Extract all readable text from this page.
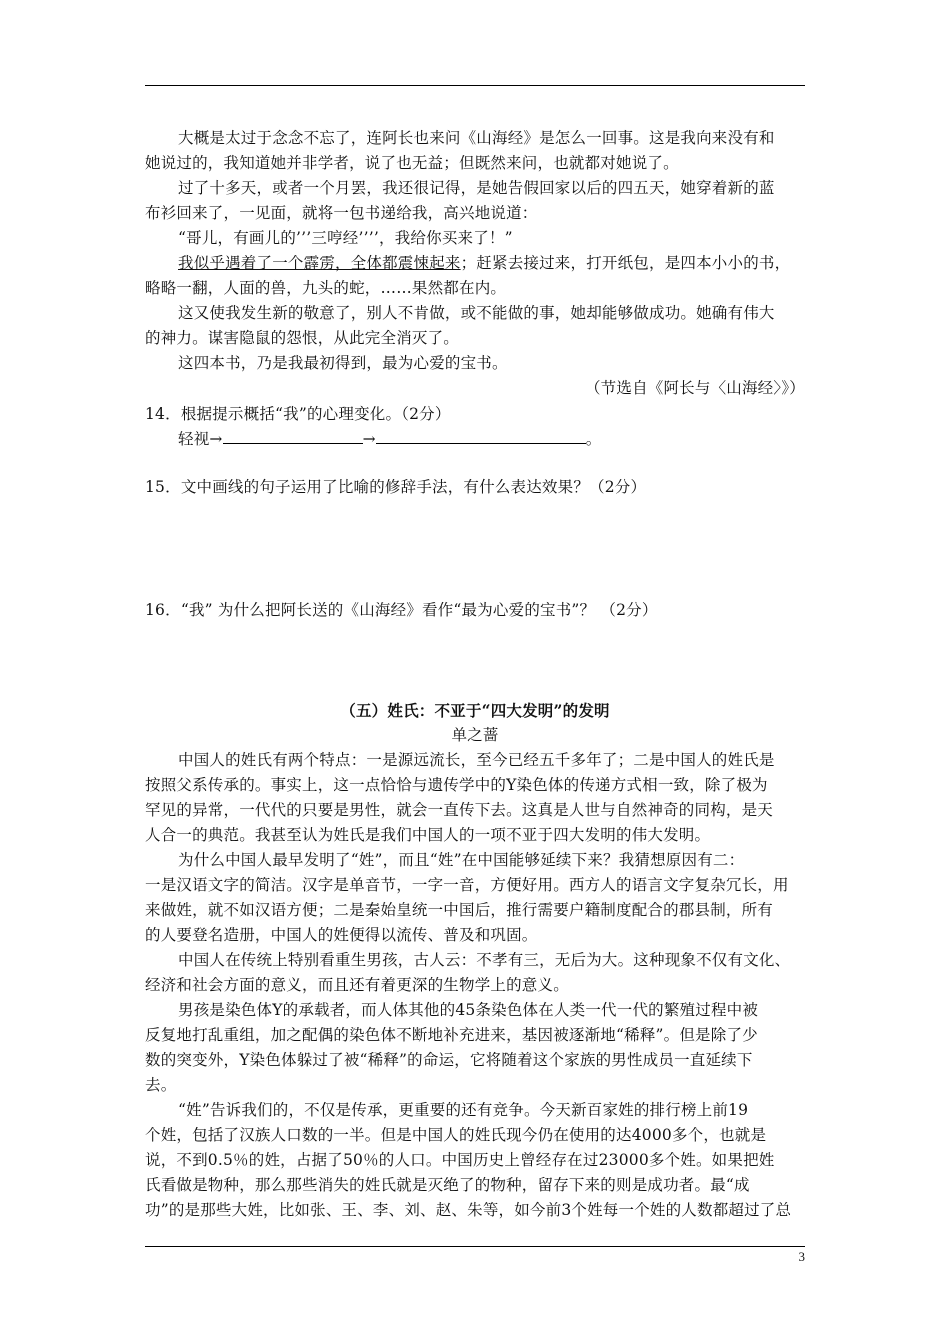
大概是太过于念念不忘了，连阿长也来问《山海经》是怎么一回事。这是我向来没有和
她说过的，我知道她并非学者，说了也无益；但既然来问，也就都对她说了。
过了十多天，或者一个月罢，我还很记得，是她告假回家以后的四五天，她穿着新的蓝
布衫回来了，一见面，就将一包书递给我，高兴地说道：
“哥儿，有画儿的’’’三哼经’’’’，我给你买来了！”
我似乎遇着了一个霹雳，全体都震悚起来；赶紧去接过来，打开纸包，是四本小小的书，
略略一翻，人面的兽，九头的蛇，……果然都在内。
这又使我发生新的敬意了，别人不肯做，或不能做的事，她却能够做成功。她确有伟大
的神力。谋害隐鼠的怨恨，从此完全消灭了。
这四本书，乃是我最初得到，最为心爱的宝书。
（节选自《阿长与〈山海经〉》）
14．根据提示概括“我”的心理变化。（2分）
轻视→	→	。
15．文中画线的句子运用了比喻的修辞手法，有什么表达效果？（2分）
16．“我” 为什么把阿长送的《山海经》看作“最为心爱的宝书”？ （2分）
（五）姓氏：不亚于“四大发明”的发明
单之蔷
中国人的姓氏有两个特点：一是源远流长，至今已经五千多年了；二是中国人的姓氏是
按照父系传承的。事实上，这一点恰恰与遗传学中的Y染色体的传递方式相一致，除了极为
罕见的异常，一代代的只要是男性，就会一直传下去。这真是人世与自然神奇的同构，是天
人合一的典范。我甚至认为姓氏是我们中国人的一项不亚于四大发明的伟大发明。
为什么中国人最早发明了“姓”，而且“姓”在中国能够延续下来？我猜想原因有二：
一是汉语文字的简洁。汉字是单音节，一字一音，方便好用。西方人的语言文字复杂冗长，用
来做姓，就不如汉语方便；二是秦始皇统一中国后，推行需要户籍制度配合的郡县制，所有
的人要登名造册，中国人的姓便得以流传、普及和巩固。
中国人在传统上特别看重生男孩，古人云：不孝有三，无后为大。这种现象不仅有文化、
经济和社会方面的意义，而且还有着更深的生物学上的意义。
男孩是染色体Y的承载者，而人体其他的45条染色体在人类一代一代的繁殖过程中被
反复地打乱重组，加之配偶的染色体不断地补充进来，基因被逐渐地“稀释”。但是除了少
数的突变外，Y染色体躲过了被“稀释”的命运，它将随着这个家族的男性成员一直延续下
去。
“姓”告诉我们的，不仅是传承，更重要的还有竞争。今天新百家姓的排行榜上前19
个姓，包括了汉族人口数的一半。但是中国人的姓氏现今仍在使用的达4000多个，也就是
说，不到0.5％的姓，占据了50％的人口。中国历史上曾经存在过23000多个姓。如果把姓
氏看做是物种，那么那些消失的姓氏就是灭绝了的物种，留存下来的则是成功者。最“成
功”的是那些大姓，比如张、王、李、刘、赵、朱等，如今前3个姓每一个姓的人数都超过了总
3
